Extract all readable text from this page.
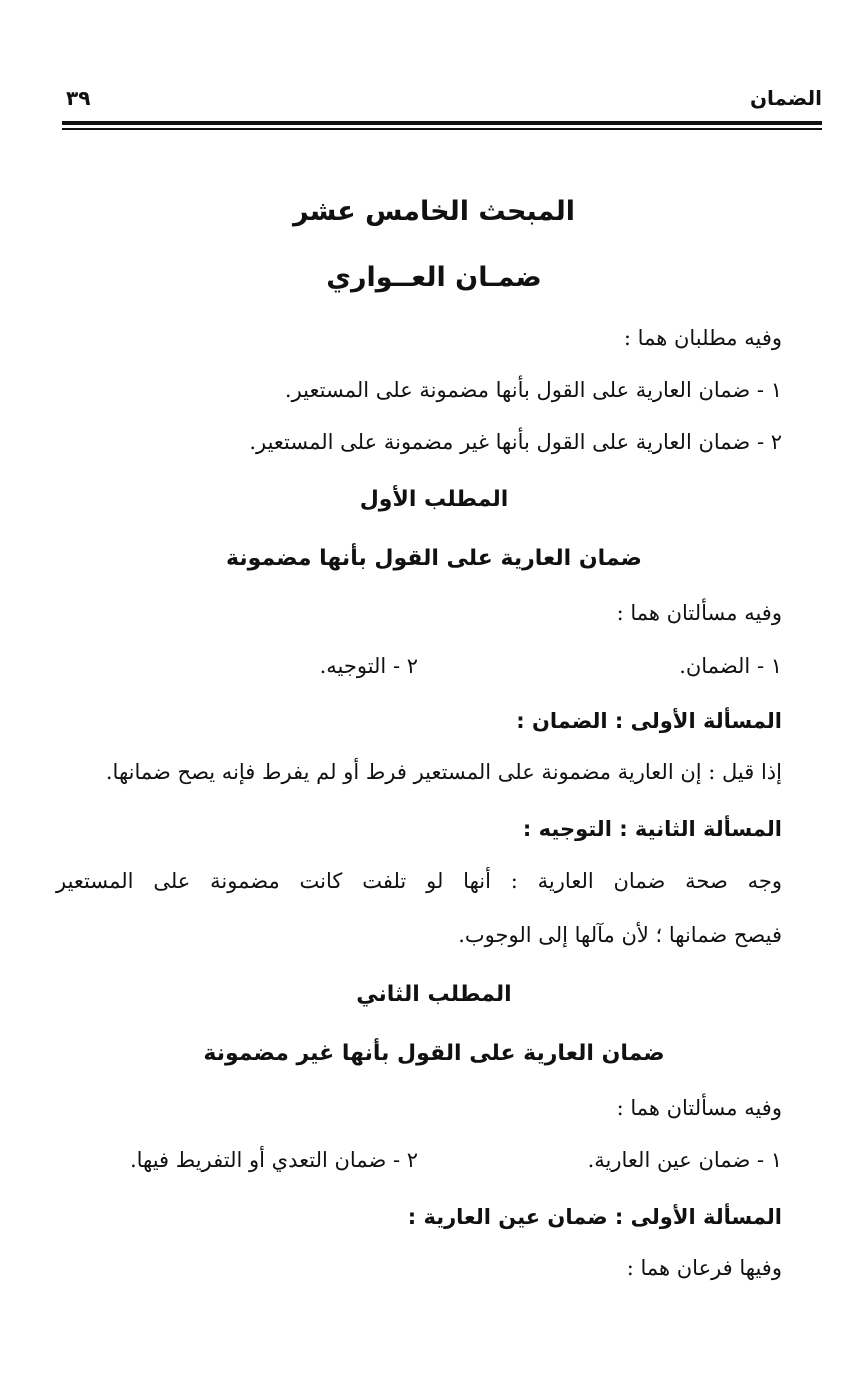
الضمان
٣٩
المبحث الخامس عشر
ضمـان العــواري
وفيه مطلبان هما :
١ - ضمان العارية على القول بأنها مضمونة على المستعير.
٢ - ضمان العارية على القول بأنها غير مضمونة على المستعير.
المطلب الأول
ضمان العارية على القول بأنها مضمونة
وفيه مسألتان هما :
١ - الضمان.
٢ - التوجيه.
المسألة الأولى : الضمان :
إذا قيل : إن العارية مضمونة على المستعير فرط أو لم يفرط فإنه يصح ضمانها.
المسألة الثانية : التوجيه :
وجه صحة ضمان العارية : أنها لو تلفت كانت مضمونة على المستعير
فيصح ضمانها ؛ لأن مآلها إلى الوجوب.
المطلب الثاني
ضمان العارية على القول بأنها غير مضمونة
وفيه مسألتان هما :
١ - ضمان عين العارية.
٢ - ضمان التعدي أو التفريط فيها.
المسألة الأولى : ضمان عين العارية :
وفيها فرعان هما :
